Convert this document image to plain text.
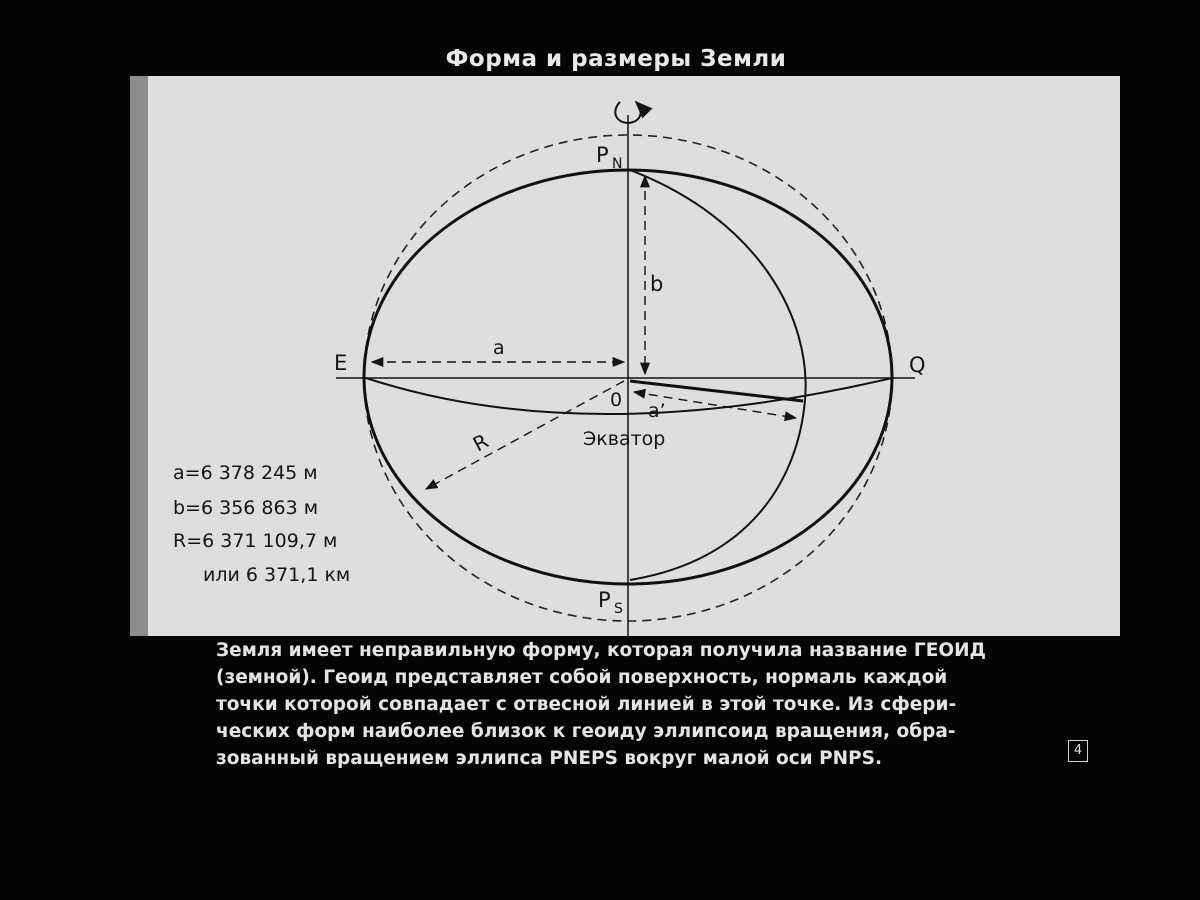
Форма и размеры Земли
P N
P S
E	Q
0
a
a’
b
R	Экватор
a=6 378 245 м
b=6 356 863 м
R=6 371 109,7 м
или 6 371,1 км
Земля имеет неправильную форму, которая получила название ГЕОИД
(земной). Геоид представляет собой поверхность, нормаль каждой
точки которой совпадает с отвесной линией в этой точке. Из сфери-
ческих форм наиболее близок к геоиду эллипсоид вращения, обра-
зованный вращением эллипса PNEPS вокруг малой оси PNPS.	4
